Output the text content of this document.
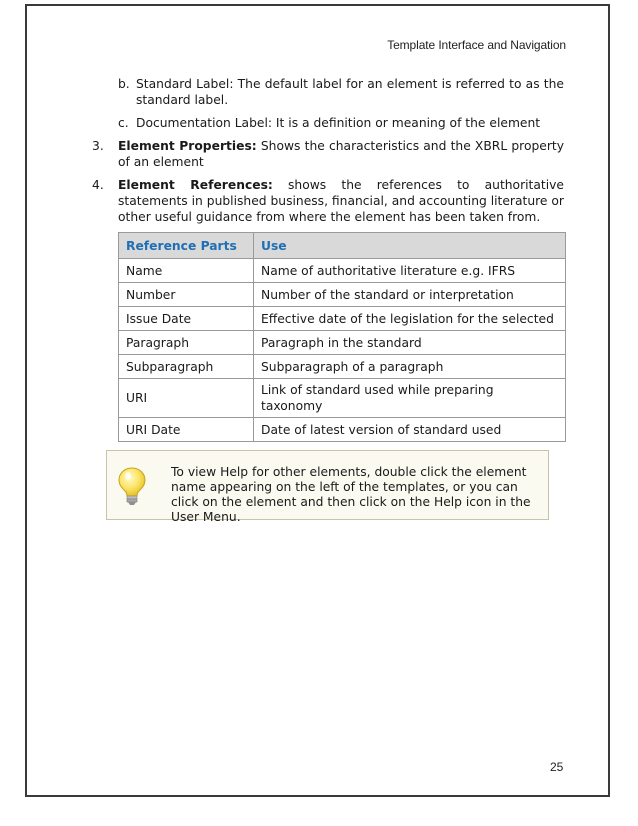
Template Interface and Navigation
b. Standard Label: The default label for an element is referred to as the standard label.
c. Documentation Label: It is a definition or meaning of the element
3. Element Properties: Shows the characteristics and the XBRL property of an element
4. Element References: shows the references to authoritative statements in published business, financial, and accounting literature or other useful guidance from where the element has been taken from.
Reference Parts	Use
Name	Name of authoritative literature e.g. IFRS
Number	Number of the standard or interpretation
Issue Date	Effective date of the legislation for the selected
Paragraph	Paragraph in the standard
Subparagraph	Subparagraph of a paragraph
URI	Link of standard used while preparing taxonomy
URI Date	Date of latest version of standard used
To view Help for other elements, double click the element name appearing on the left of the templates, or you can click on the element and then click on the Help icon in the User Menu.
25
